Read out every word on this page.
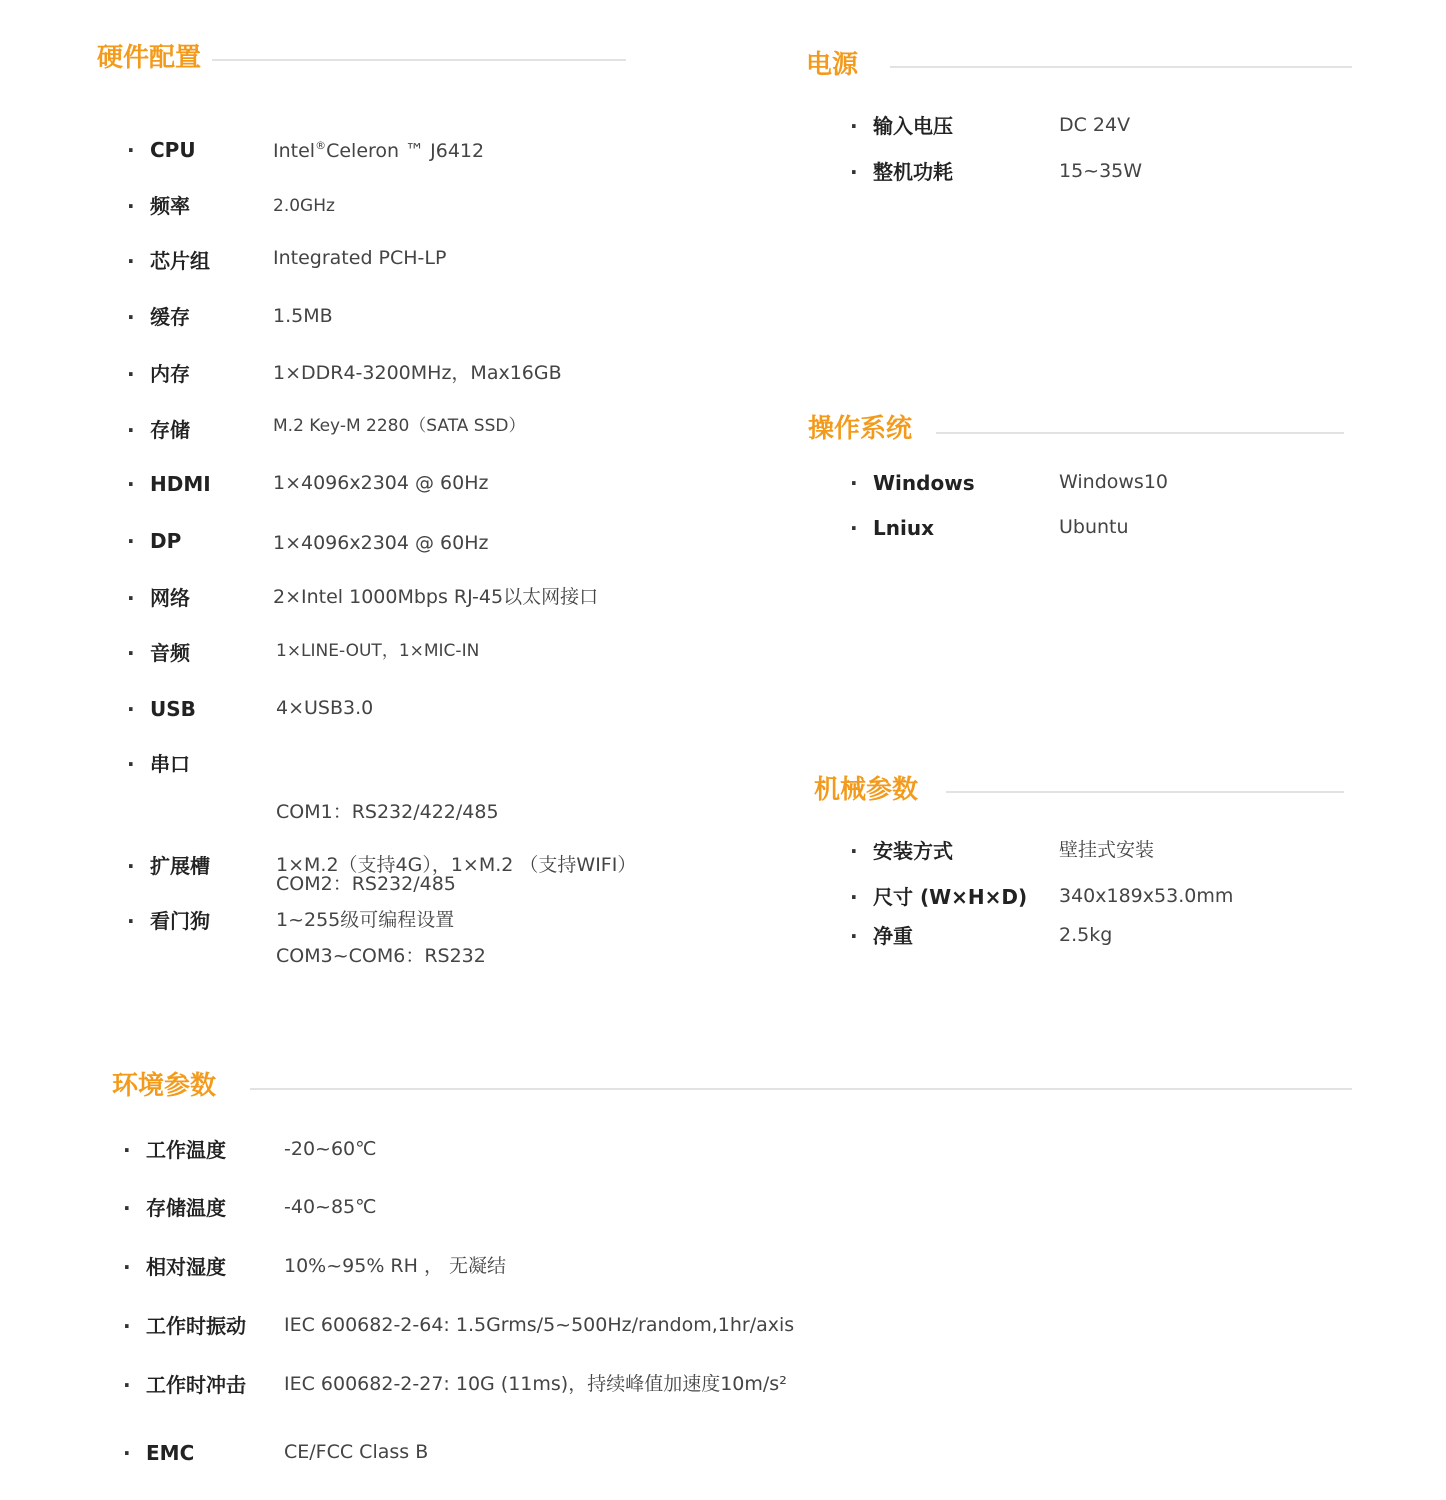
硬件配置
· CPU	Intel®Celeron ™ J6412
· 频率	2.0GHz
· 芯片组	Integrated PCH-LP
· 缓存	1.5MB
· 内存	1×DDR4-3200MHz，Max16GB
· 存储	M.2 Key-M 2280（SATA SSD）
· HDMI	1×4096x2304 @ 60Hz
· DP	1×4096x2304 @ 60Hz
· 网络	2×Intel 1000Mbps RJ-45以太网接口
· 音频	1×LINE-OUT，1×MIC-IN
· USB	4×USB3.0
· 串口

COM1：RS232/422/485

COM2：RS232/485

COM3~COM6：RS232

· 扩展槽	1×M.2（支持4G），1×M.2 （支持WIFI）
· 看门狗	1~255级可编程设置
电源
· 输入电压	DC 24V
· 整机功耗	15~35W
操作系统
· Windows	Windows10
· Lniux	Ubuntu
机械参数
· 安装方式	壁挂式安装
· 尺寸 (W×H×D) 340x189x53.0mm
· 净重	2.5kg
环境参数
· 工作温度	-20~60℃
· 存储温度	-40~85℃
· 相对湿度	10%~95% RH ， 无凝结
· 工作时振动 IEC 600682-2-64: 1.5Grms/5~500Hz/random,1hr/axis
· 工作时冲击 IEC 600682-2-27: 10G (11ms)，持续峰值加速度10m/s²
· EMC	CE/FCC Class B
